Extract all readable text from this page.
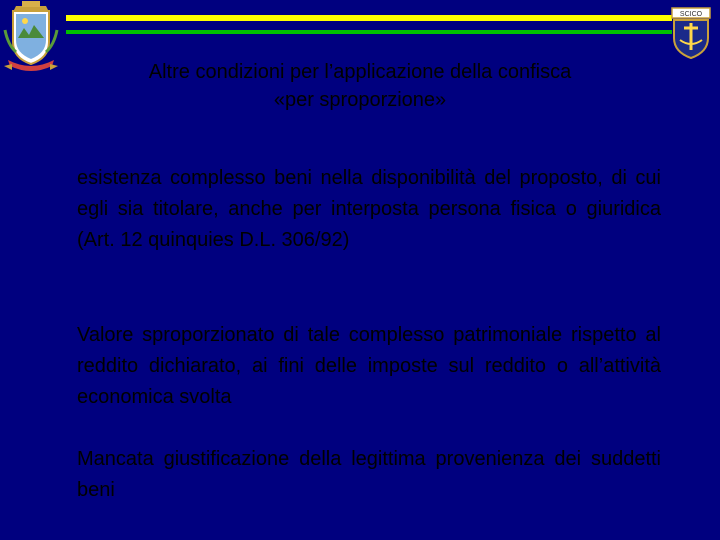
SCICO
Altre condizioni per l’applicazione della confisca
«per sproporzione»
esistenza complesso beni nella disponibilità del proposto, di cui egli sia titolare, anche per interposta persona fisica o giuridica (Art. 12 quinquies D.L. 306/92)
Valore sproporzionato di tale complesso patrimoniale rispetto al reddito dichiarato, ai fini delle imposte sul reddito o all’attività economica svolta
Mancata giustificazione della legittima provenienza dei suddetti beni
